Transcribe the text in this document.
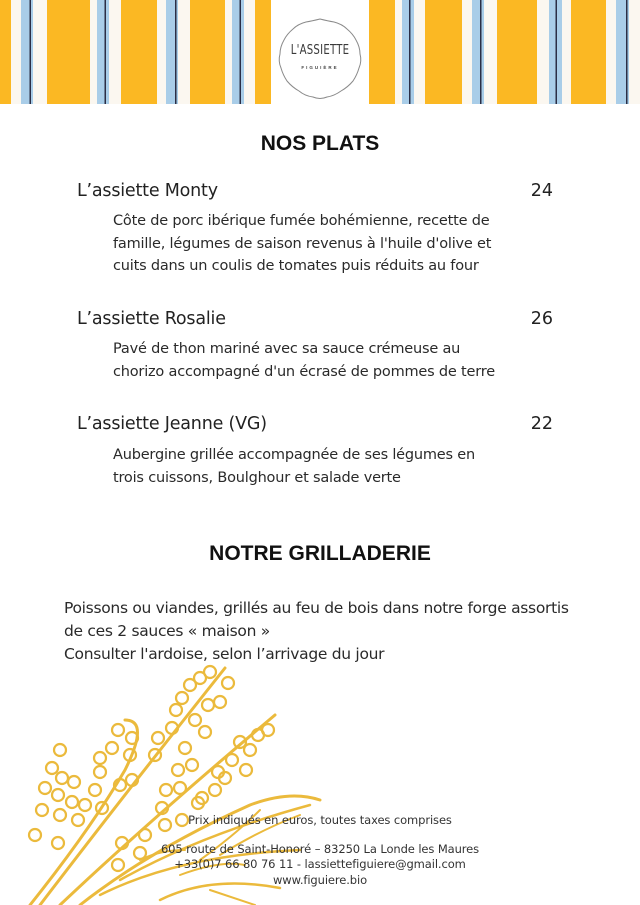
L'ASSIETTE
FIGUIÈRE
NOS PLATS
L’assiette Monty	24
Côte de porc ibérique fumée bohémienne, recette de
famille, légumes de saison revenus à l'huile d'olive et
cuits dans un coulis de tomates puis réduits au four
L’assiette Rosalie	26
Pavé de thon mariné avec sa sauce crémeuse au
chorizo accompagné d'un écrasé de pommes de terre
L’assiette Jeanne (VG)	22
Aubergine grillée accompagnée de ses légumes en
trois cuissons, Boulghour et salade verte
NOTRE GRILLADERIE
Poissons ou viandes, grillés au feu de bois dans notre forge assortis
de ces 2 sauces « maison »
Consulter l'ardoise, selon l’arrivage du jour
Prix indiqués en euros, toutes taxes comprises
605 route de Saint-Honoré – 83250 La Londe les Maures
+33(0)7 66 80 76 11 - lassiettefiguiere@gmail.com
www.figuiere.bio
